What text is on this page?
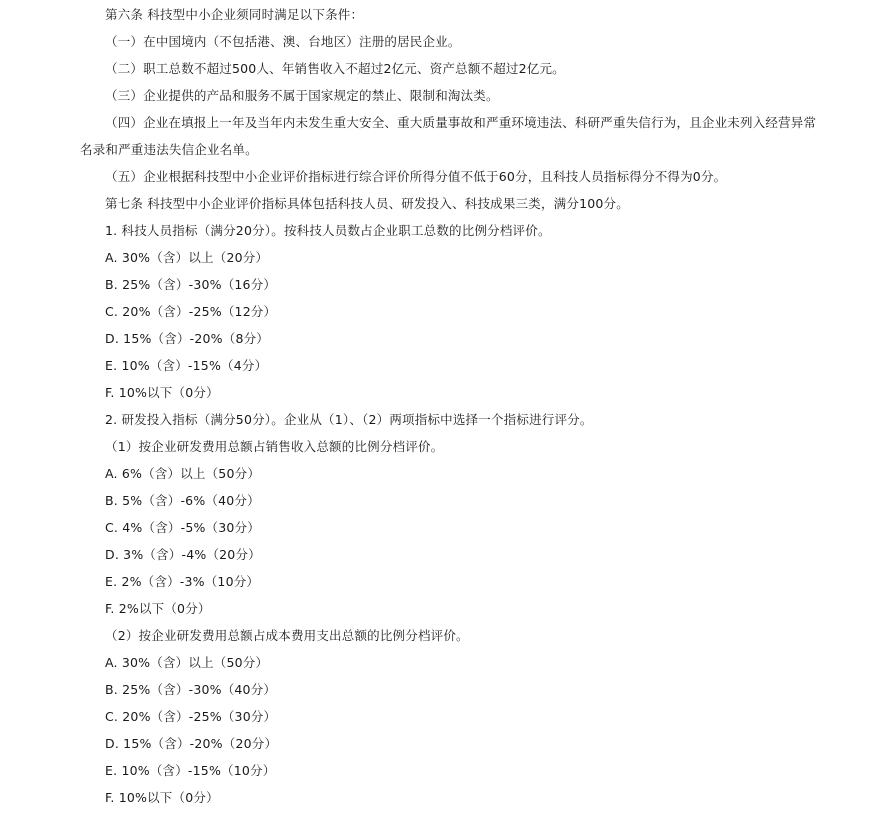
第六条 科技型中小企业须同时满足以下条件：
（一）在中国境内（不包括港、澳、台地区）注册的居民企业。
（二）职工总数不超过500人、年销售收入不超过2亿元、资产总额不超过2亿元。
（三）企业提供的产品和服务不属于国家规定的禁止、限制和淘汰类。
（四）企业在填报上一年及当年内未发生重大安全、重大质量事故和严重环境违法、科研严重失信行为，且企业未列入经营异常名录和严重违法失信企业名单。
（五）企业根据科技型中小企业评价指标进行综合评价所得分值不低于60分，且科技人员指标得分不得为0分。
第七条 科技型中小企业评价指标具体包括科技人员、研发投入、科技成果三类，满分100分。
1. 科技人员指标（满分20分）。按科技人员数占企业职工总数的比例分档评价。
A. 30%（含）以上（20分）
B. 25%（含）-30%（16分）
C. 20%（含）-25%（12分）
D. 15%（含）-20%（8分）
E. 10%（含）-15%（4分）
F. 10%以下（0分）
2. 研发投入指标（满分50分）。企业从（1）、（2）两项指标中选择一个指标进行评分。
（1）按企业研发费用总额占销售收入总额的比例分档评价。
A. 6%（含）以上（50分）
B. 5%（含）-6%（40分）
C. 4%（含）-5%（30分）
D. 3%（含）-4%（20分）
E. 2%（含）-3%（10分）
F. 2%以下（0分）
（2）按企业研发费用总额占成本费用支出总额的比例分档评价。
A. 30%（含）以上（50分）
B. 25%（含）-30%（40分）
C. 20%（含）-25%（30分）
D. 15%（含）-20%（20分）
E. 10%（含）-15%（10分）
F. 10%以下（0分）
